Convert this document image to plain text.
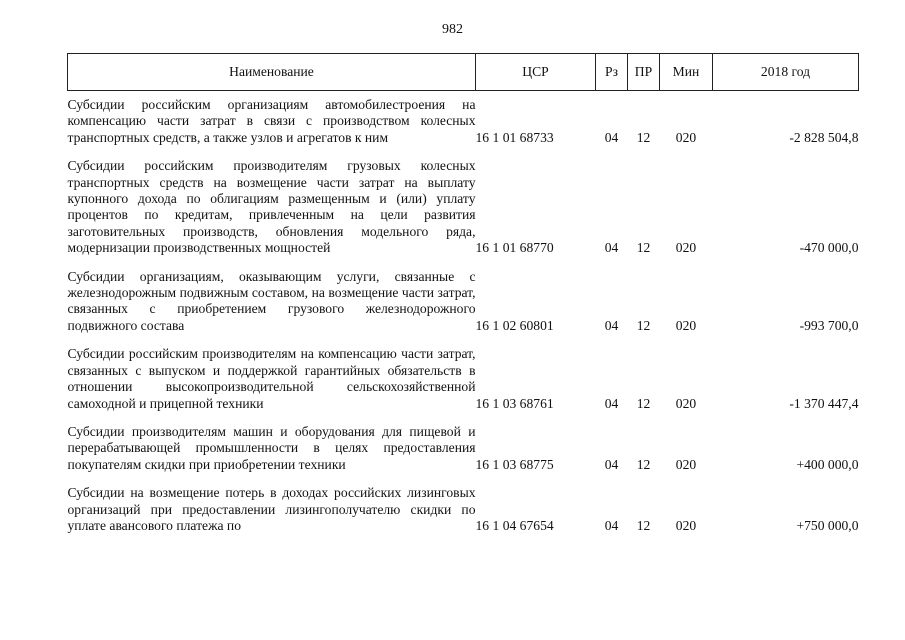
982
Наименование	ЦСР	Рз	ПР	Мин	2018 год
Субсидии российским организациям автомобилестроения на компенсацию части затрат в связи с производством колесных транспортных средств, а также узлов и агрегатов к ним	16 1 01 68733	04	12	020	-2 828 504,8
Субсидии российским производителям грузовых колесных транспортных средств на возмещение части затрат на выплату купонного дохода по облигациям размещенным и (или) уплату процентов по кредитам, привлеченным на цели развития заготовительных производств, обновления модельного ряда, модернизации производственных мощностей	16 1 01 68770	04	12	020	-470 000,0
Субсидии организациям, оказывающим услуги, связанные с железнодорожным подвижным составом, на возмещение части затрат, связанных с приобретением грузового железнодорожного подвижного состава	16 1 02 60801	04	12	020	-993 700,0
Субсидии российским производителям на компенсацию части затрат, связанных с выпуском и поддержкой гарантийных обязательств в отношении высокопроизводительной сельскохозяйственной самоходной и прицепной техники	16 1 03 68761	04	12	020	-1 370 447,4
Субсидии производителям машин и оборудования для пищевой и перерабатывающей промышленности в целях предоставления покупателям скидки при приобретении техники	16 1 03 68775	04	12	020	+400 000,0
Субсидии на возмещение потерь в доходах российских лизинговых организаций при предоставлении лизингополучателю скидки по уплате авансового платежа по	16 1 04 67654	04	12	020	+750 000,0
